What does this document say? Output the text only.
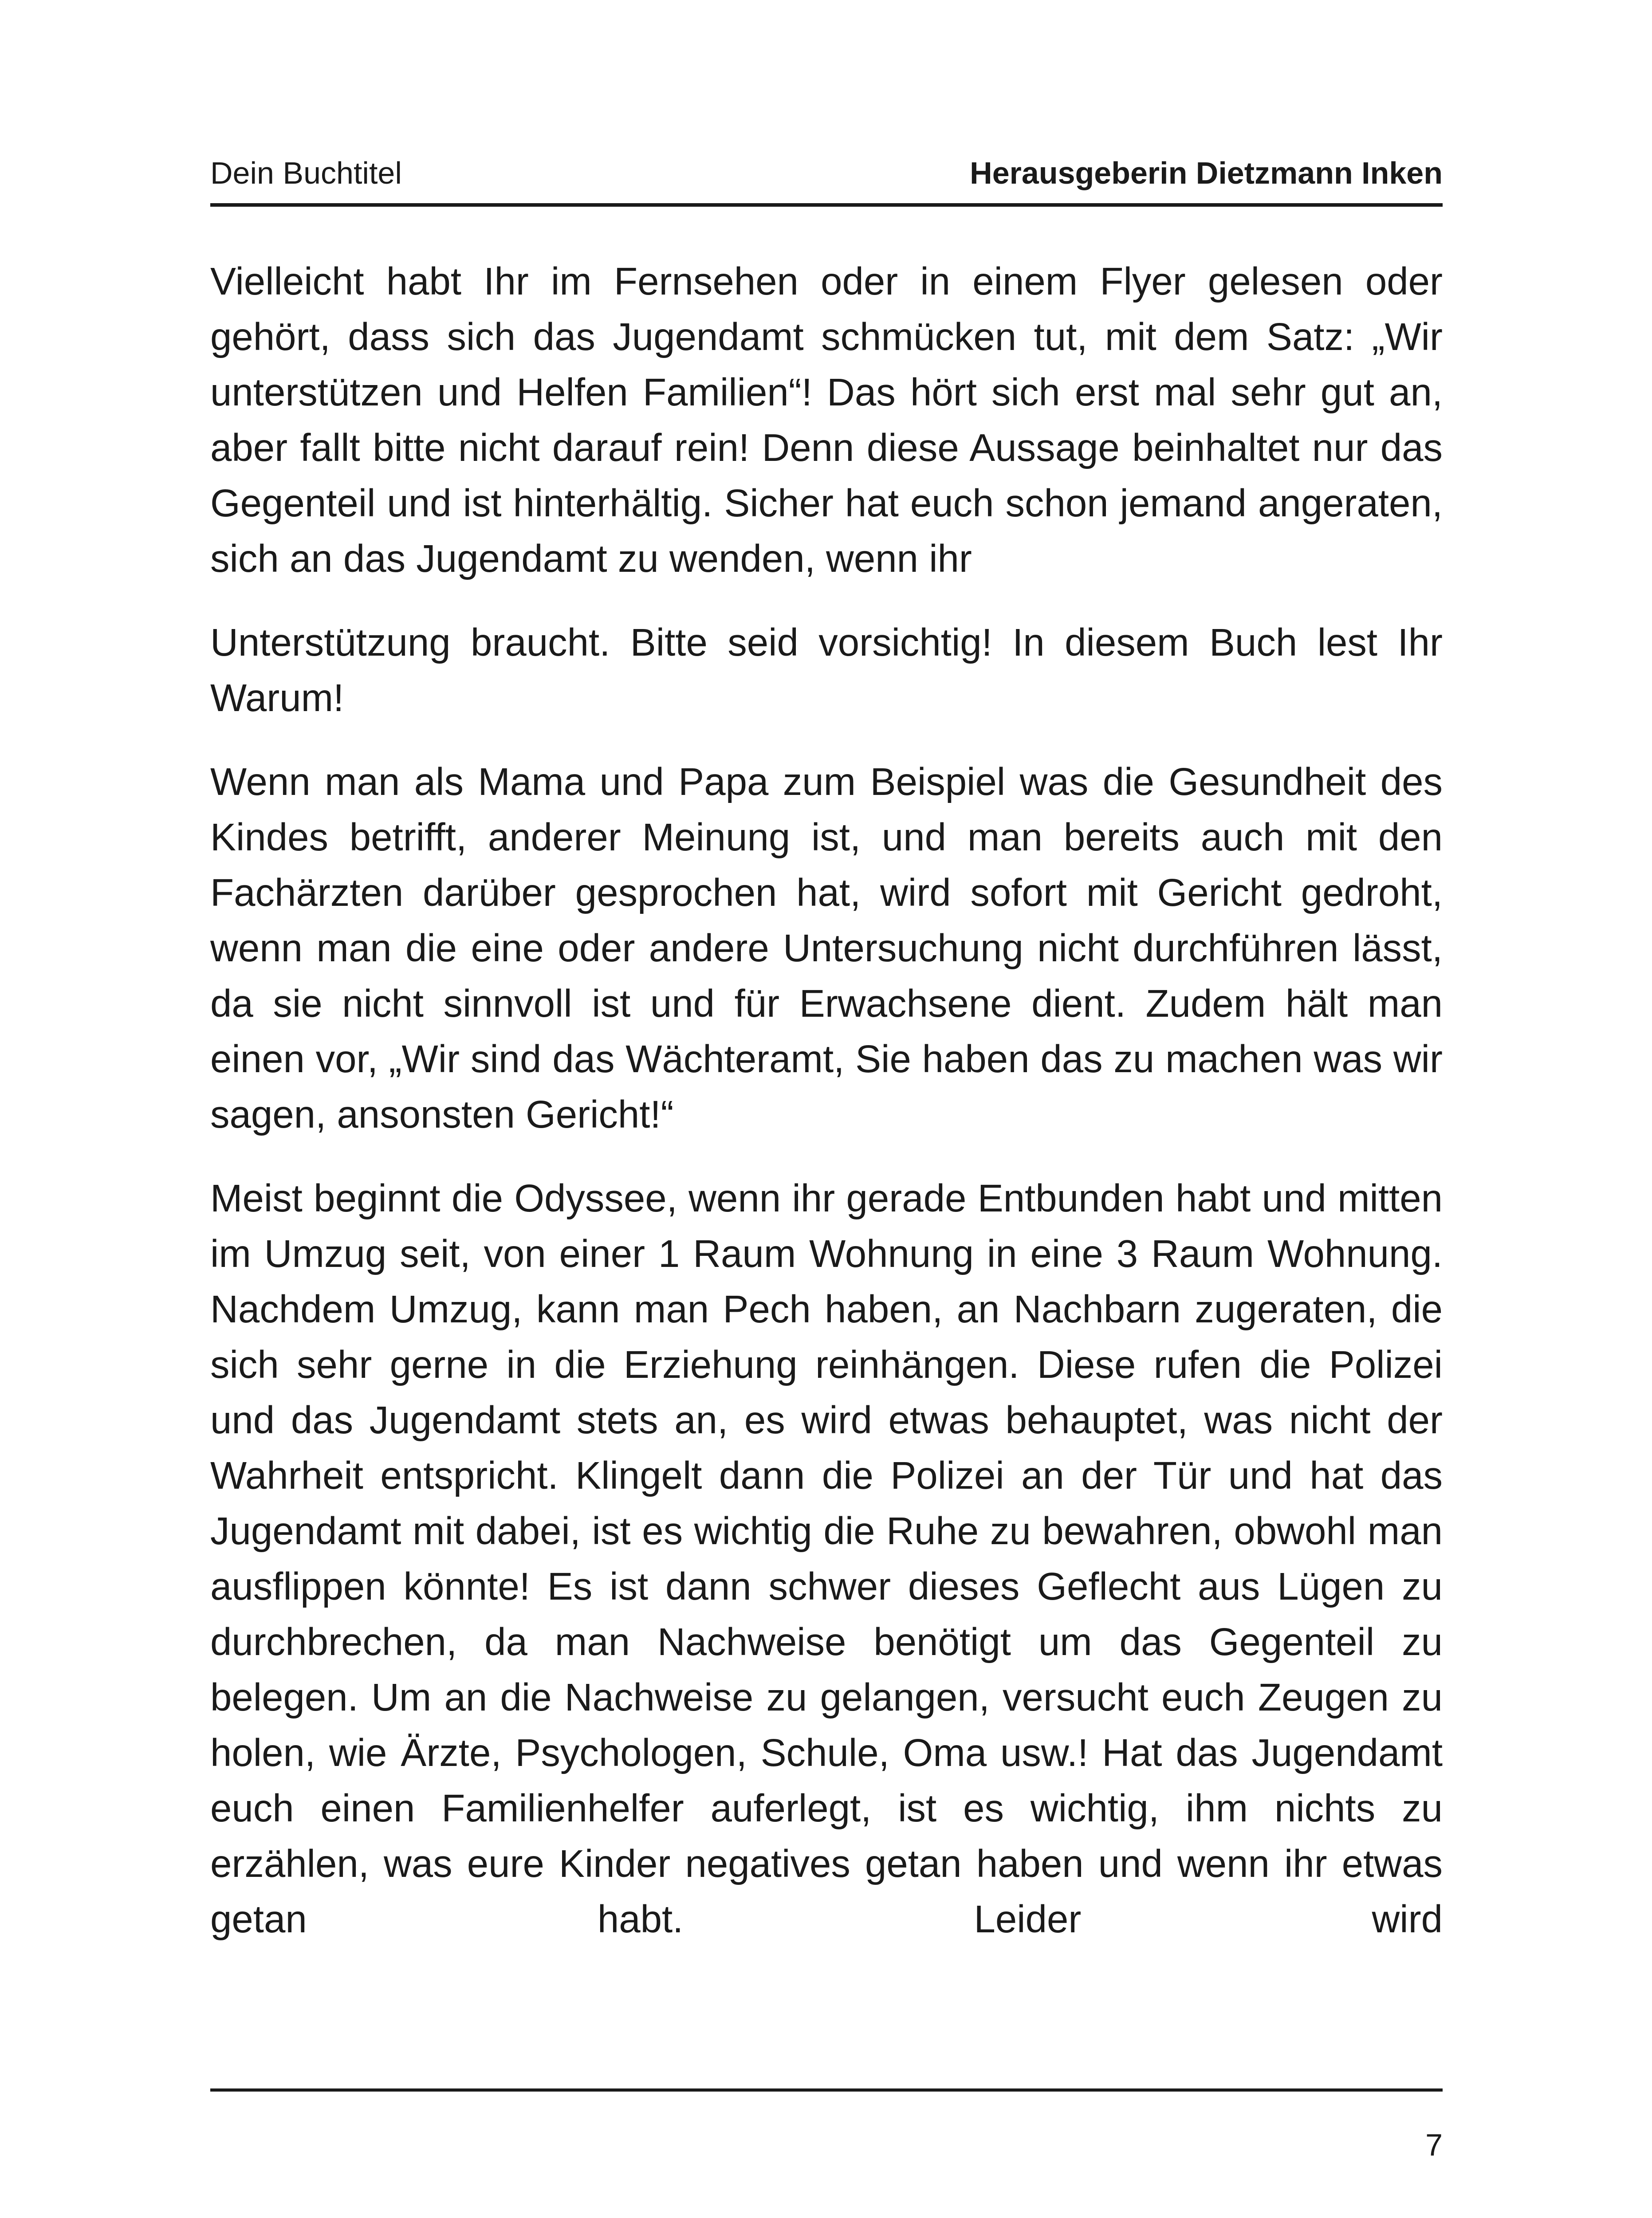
Dein Buchtitel	Herausgeberin Dietzmann Inken

Vielleicht habt Ihr im Fernsehen oder in einem Flyer gelesen oder gehört, dass sich das Jugendamt schmücken tut, mit dem Satz: „Wir unterstützen und Helfen Familien“! Das hört sich erst mal sehr gut an, aber fallt bitte nicht darauf rein! Denn diese Aussage beinhaltet nur das Gegenteil und ist hinterhältig. Sicher hat euch schon jemand angeraten, sich an das Jugendamt zu wenden, wenn ihr

Unterstützung braucht. Bitte seid vorsichtig! In diesem Buch lest Ihr Warum!

Wenn man als Mama und Papa zum Beispiel was die Gesundheit des Kindes betrifft, anderer Meinung ist, und man bereits auch mit den Fachärzten darüber gesprochen hat, wird sofort mit Gericht gedroht, wenn man die eine oder andere Untersuchung nicht durchführen lässt, da sie nicht sinnvoll ist und für Erwachsene dient. Zudem hält man einen vor, „Wir sind das Wächteramt, Sie haben das zu machen was wir sagen, ansonsten Gericht!“

Meist beginnt die Odyssee, wenn ihr gerade Entbunden habt und mitten im Umzug seit, von einer 1 Raum Wohnung in eine 3 Raum Wohnung. Nachdem Umzug, kann man Pech haben, an Nachbarn zugeraten, die sich sehr gerne in die Erziehung reinhängen. Diese rufen die Polizei und das Jugendamt stets an, es wird etwas behauptet, was nicht der Wahrheit entspricht. Klingelt dann die Polizei an der Tür und hat das Jugendamt mit dabei, ist es wichtig die Ruhe zu bewahren, obwohl man ausflippen könnte! Es ist dann schwer dieses Geflecht aus Lügen zu durchbrechen, da man Nachweise benötigt um das Gegenteil zu belegen. Um an die Nachweise zu gelangen, versucht euch Zeugen zu holen, wie Ärzte, Psychologen, Schule, Oma usw.! Hat das Jugendamt euch einen Familienhelfer auferlegt, ist es wichtig, ihm nichts zu erzählen, was eure Kinder negatives getan haben und wenn ihr etwas getan habt. Leider wird

7
